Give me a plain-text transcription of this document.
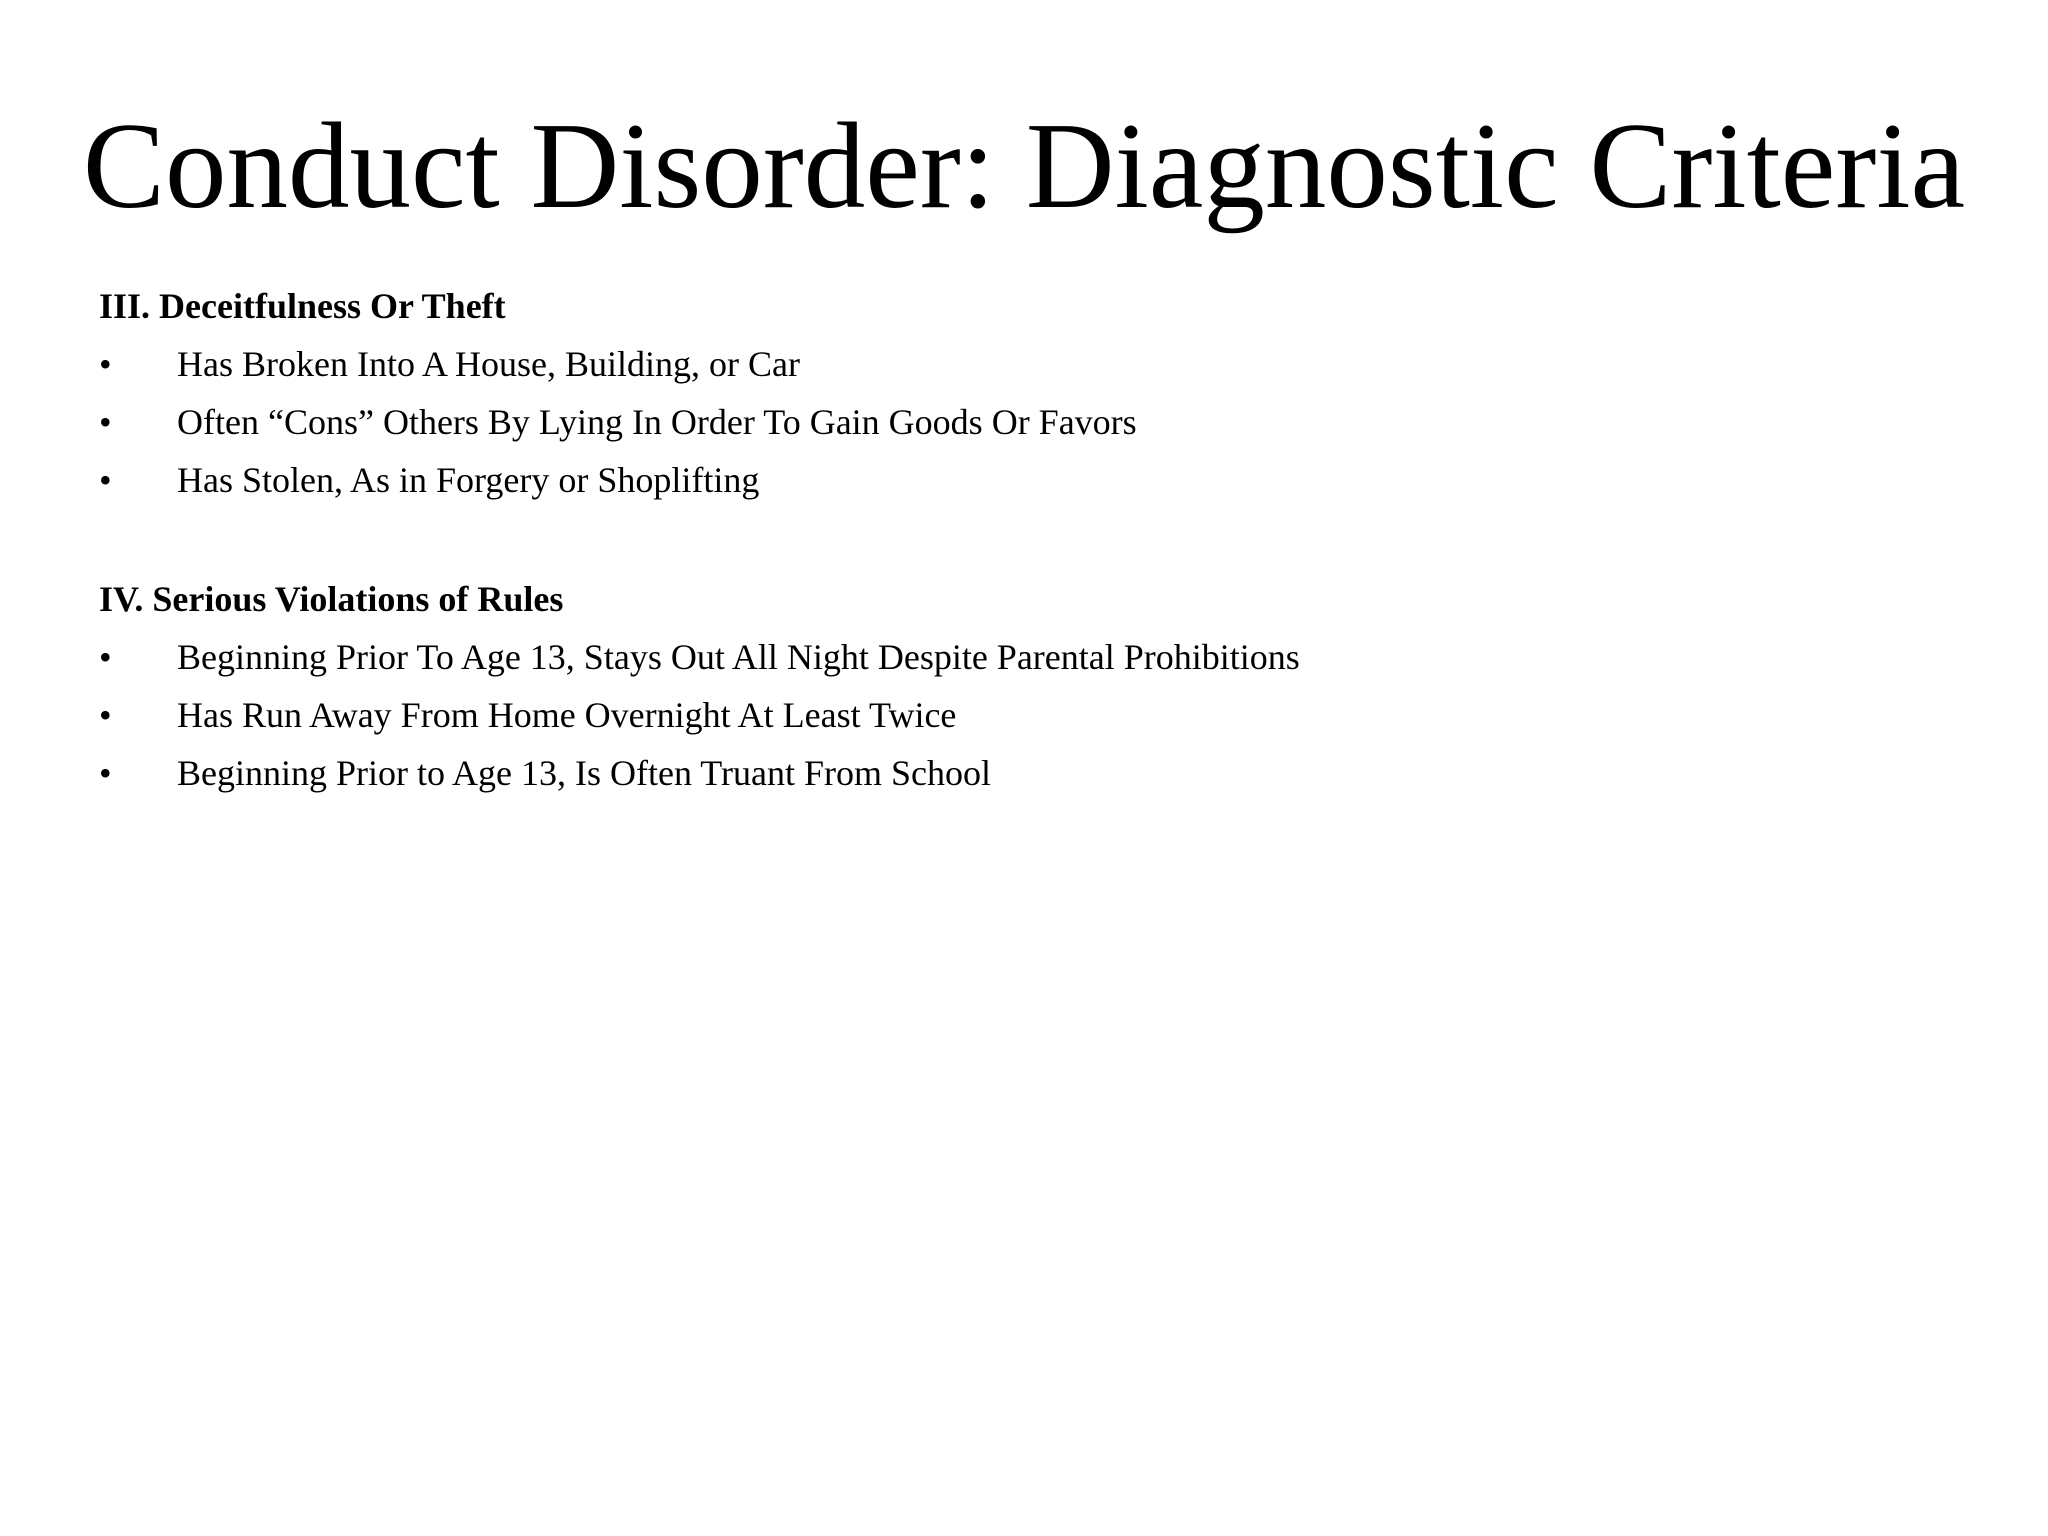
Conduct Disorder: Diagnostic Criteria
III. Deceitfulness Or Theft
•	Has Broken Into A House, Building, or Car
•	Often “Cons” Others By Lying In Order To Gain Goods Or Favors
•	Has Stolen, As in Forgery or Shoplifting
IV. Serious Violations of Rules
•	Beginning Prior To Age 13, Stays Out All Night Despite Parental Prohibitions
•	Has Run Away From Home Overnight At Least Twice
•	Beginning Prior to Age 13, Is Often Truant From School
